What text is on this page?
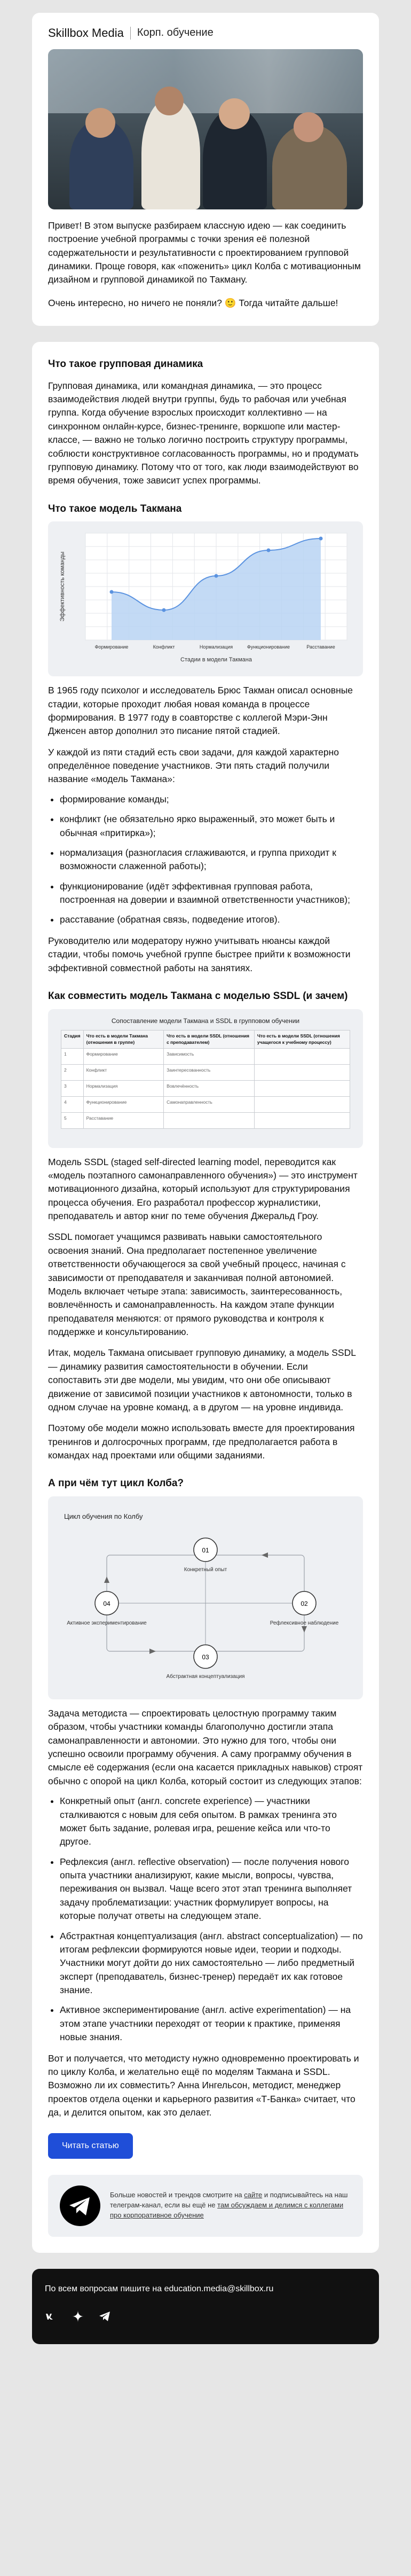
Skillbox Media Корп. обучение

Привет! В этом выпуске разбираем классную идею — как соединить построение учебной программы с точки зрения её полезной содержательности и результативности с проектированием групповой динамики. Проще говоря, как «поженить» цикл Колба с мотивационным дизайном и групповой динамикой по Такману.

Очень интересно, но ничего не поняли? 🙂 Тогда читайте дальше!

Что такое групповая динамика

Групповая динамика, или командная динамика, — это процесс взаимодействия людей внутри группы, будь то рабочая или учебная группа. Когда обучение взрослых происходит коллективно — на синхронном онлайн-курсе, бизнес-тренинге, воркшопе или мастер-классе, — важно не только логично построить структуру программы, соблюсти конструктивное согласованность программы, но и продумать групповую динамику. Потому что от того, как люди взаимодействуют во время обучения, тоже зависит успех программы.

Что такое модель Такмана
Формирование	Конфликт	Нормализация	Функционирование	Расставание
Стадии в модели Такмана
Эффективность команды

В 1965 году психолог и исследователь Брюс Такман описал основные стадии, которые проходит любая новая команда в процессе формирования. В 1977 году в соавторстве с коллегой Мэри-Энн Дженсен автор дополнил это писание пятой стадией.

У каждой из пяти стадий есть свои задачи, для каждой характерно определённое поведение участников. Эти пять стадий получили название «модель Такмана»:

• формирование команды;
• конфликт (не обязательно ярко выраженный, это может быть и обычная «притирка»);
• нормализация (разногласия сглаживаются, и группа приходит к возможности слаженной работы);
• функционирование (идёт эффективная групповая работа, построенная на доверии и взаимной ответственности участников);
• расставание (обратная связь, подведение итогов).

Руководителю или модератору нужно учитывать нюансы каждой стадии, чтобы помочь учебной группе быстрее прийти к возможности эффективной совместной работы на занятиях.

Как совместить модель Такмана с моделью SSDL (и зачем)
Сопоставление модели Такмана и SSDL в групповом обучении
Стадия	Что есть в модели Такмана (отношения в группе)	Что есть в модели SSDL (отношения с преподавателем)	Что есть в модели SSDL (отношения учащегося к учебному процессу)
1	Формирование	Зависимость	
2	Конфликт	Заинтересованность	
3	Нормализация	Вовлечённость	
4	Функционирование	Самонаправленность	
5	Расставание		

Модель SSDL (staged self-directed learning model, переводится как «модель поэтапного самонаправленного обучения») — это инструмент мотивационного дизайна, который используют для структурирования процесса обучения. Его разработал профессор журналистики, преподаватель и автор книг по теме обучения Джеральд Гроу.

SSDL помогает учащимся развивать навыки самостоятельного освоения знаний. Она предполагает постепенное увеличение ответственности обучающегося за свой учебный процесс, начиная с зависимости от преподавателя и заканчивая полной автономией. Модель включает четыре этапа: зависимость, заинтересованность, вовлечённость и самонаправленность. На каждом этапе функции преподавателя меняются: от прямого руководства и контроля к поддержке и консультированию.

Итак, модель Такмана описывает групповую динамику, а модель SSDL — динамику развития самостоятельности в обучении. Если сопоставить эти две модели, мы увидим, что они обе описывают движение от зависимой позиции участников к автономности, только в одном случае на уровне команд, а в другом — на уровне индивида.

Поэтому обе модели можно использовать вместе для проектирования тренингов и долгосрочных программ, где предполагается работа в командах над проектами или общими заданиями.

А при чём тут цикл Колба?
Цикл обучения по Колбу
01
Конкретный опыт
02
Рефлексивное наблюдение
03
Абстрактная концептуализация
04
Активное экспериментирование

Задача методиста — спроектировать целостную программу таким образом, чтобы участники команды благополучно достигли этапа самонаправленности и автономии. Это нужно для того, чтобы они успешно освоили программу обучения. А саму программу обучения в смысле её содержания (если она касается прикладных навыков) строят обычно с опорой на цикл Колба, который состоит из следующих этапов:

• Конкретный опыт (англ. concrete experience) — участники сталкиваются с новым для себя опытом. В рамках тренинга это может быть задание, ролевая игра, решение кейса или что-то другое.
• Рефлексия (англ. reflective observation) — после получения нового опыта участники анализируют, какие мысли, вопросы, чувства, переживания он вызвал. Чаще всего этот этап тренинга выполняет задачу проблематизации: участник формулирует вопросы, на которые получат ответы на следующем этапе.
• Абстрактная концептуализация (англ. abstract conceptualization) — по итогам рефлексии формируются новые идеи, теории и подходы. Участники могут дойти до них самостоятельно — либо предметный эксперт (преподаватель, бизнес-тренер) передаёт их как готовое знание.
• Активное экспериментирование (англ. active experimentation) — на этом этапе участники переходят от теории к практике, применяя новые знания.

Вот и получается, что методисту нужно одновременно проектировать и по циклу Колба, и желательно ещё по моделям Такмана и SSDL. Возможно ли их совместить? Анна Ингельсон, методист, менеджер проектов отдела оценки и карьерного развития «Т-Банка» считает, что да, и делится опытом, как это делает.

Читать статью
Больше новостей и трендов смотрите на сайте и подписывайтесь на наш телеграм-канал, если вы ещё не там обсуждаем и делимся с коллегами про корпоративное обучение
По всем вопросам пишите на education.media@skillbox.ru
